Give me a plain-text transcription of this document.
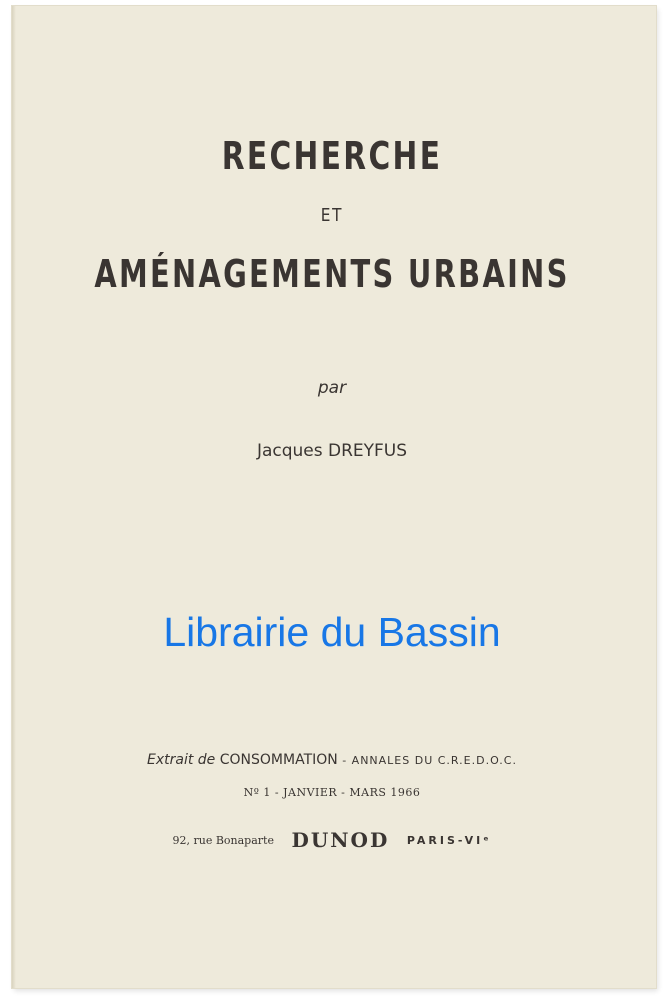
RECHERCHE
ET
AMÉNAGEMENTS URBAINS
par
Jacques DREYFUS
Librairie du Bassin
Extrait de CONSOMMATION - ANNALES DU C.R.E.D.O.C.
Nº 1 - JANVIER - MARS 1966
92, rue Bonaparte DUNOD PARIS-VIᵉ
